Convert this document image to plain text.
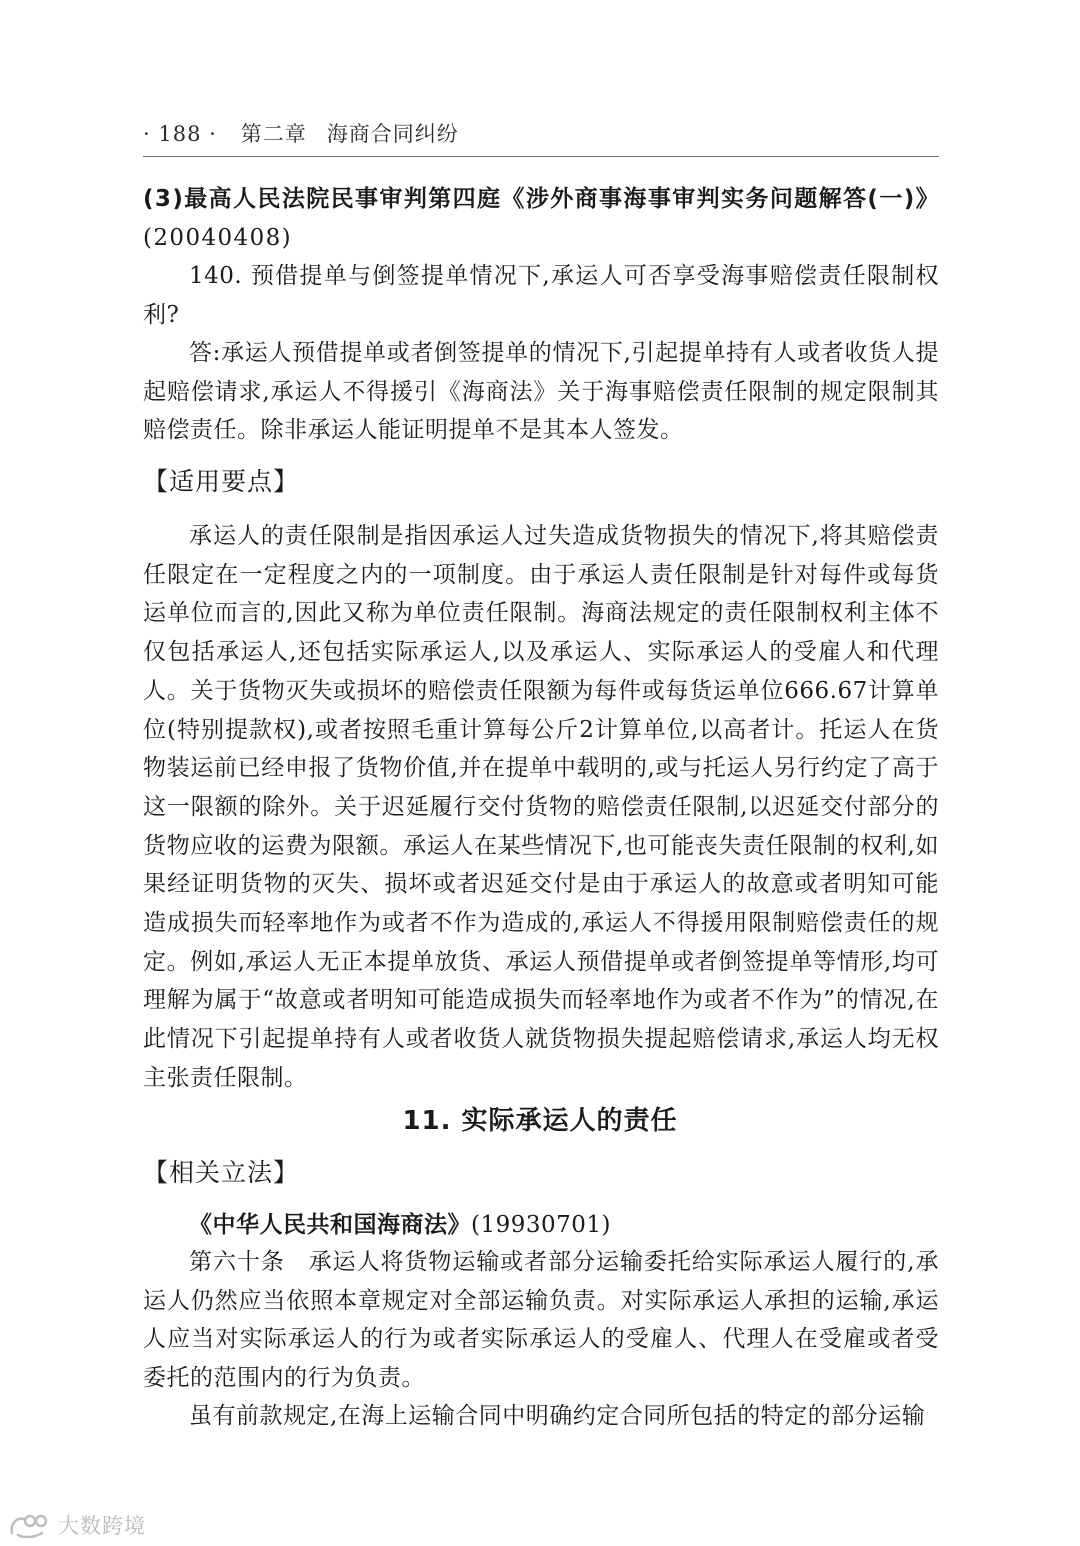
· 188 · 第二章 海商合同纠纷

(3)最高人民法院民事审判第四庭《涉外商事海事审判实务问题解答(一)》(20040408)

140. 预借提单与倒签提单情况下,承运人可否享受海事赔偿责任限制权利?

答:承运人预借提单或者倒签提单的情况下,引起提单持有人或者收货人提起赔偿请求,承运人不得援引《海商法》关于海事赔偿责任限制的规定限制其赔偿责任。除非承运人能证明提单不是其本人签发。

【适用要点】

承运人的责任限制是指因承运人过失造成货物损失的情况下,将其赔偿责任限定在一定程度之内的一项制度。由于承运人责任限制是针对每件或每货运单位而言的,因此又称为单位责任限制。海商法规定的责任限制权利主体不仅包括承运人,还包括实际承运人,以及承运人、实际承运人的受雇人和代理人。关于货物灭失或损坏的赔偿责任限额为每件或每货运单位666.67计算单位(特别提款权),或者按照毛重计算每公斤2计算单位,以高者计。托运人在货物装运前已经申报了货物价值,并在提单中载明的,或与托运人另行约定了高于这一限额的除外。关于迟延履行交付货物的赔偿责任限制,以迟延交付部分的货物应收的运费为限额。承运人在某些情况下,也可能丧失责任限制的权利,如果经证明货物的灭失、损坏或者迟延交付是由于承运人的故意或者明知可能造成损失而轻率地作为或者不作为造成的,承运人不得援用限制赔偿责任的规定。例如,承运人无正本提单放货、承运人预借提单或者倒签提单等情形,均可理解为属于“故意或者明知可能造成损失而轻率地作为或者不作为”的情况,在此情况下引起提单持有人或者收货人就货物损失提起赔偿请求,承运人均无权主张责任限制。

11. 实际承运人的责任
【相关立法】

《中华人民共和国海商法》(19930701)

第六十条　承运人将货物运输或者部分运输委托给实际承运人履行的,承运人仍然应当依照本章规定对全部运输负责。对实际承运人承担的运输,承运人应当对实际承运人的行为或者实际承运人的受雇人、代理人在受雇或者受委托的范围内的行为负责。

虽有前款规定,在海上运输合同中明确约定合同所包括的特定的部分运输

大数跨境
